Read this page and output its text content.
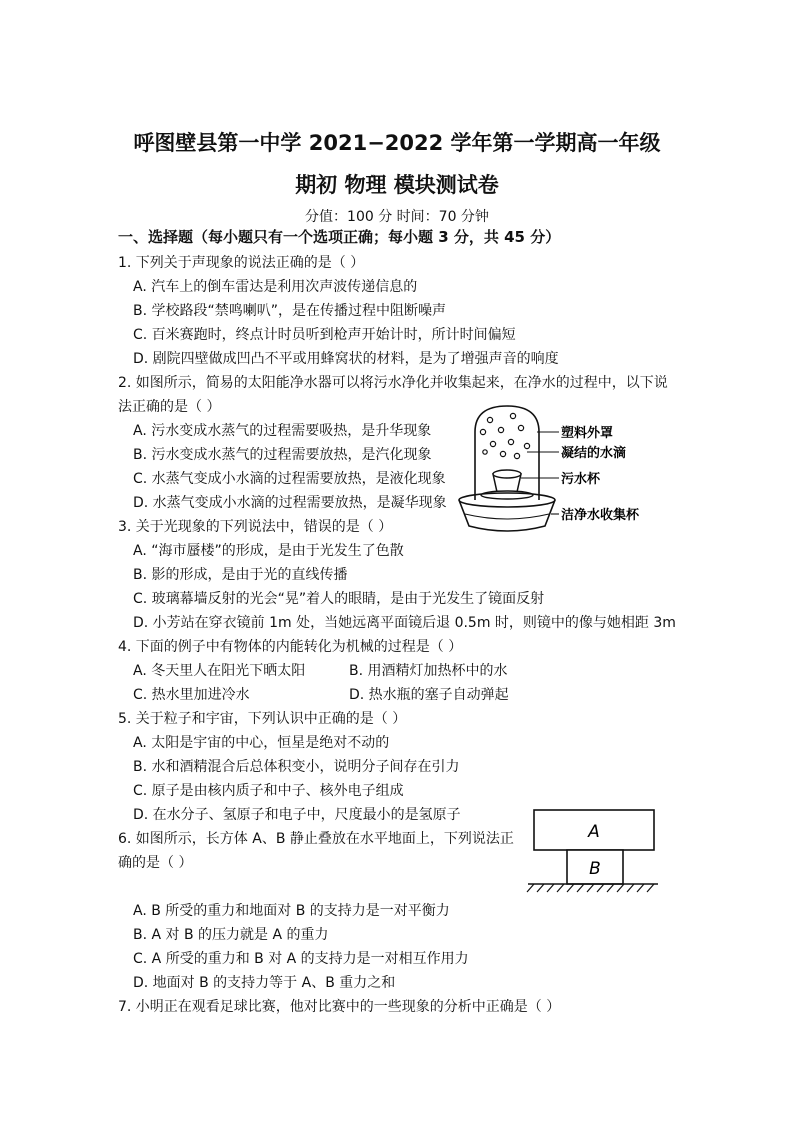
呼图壁县第一中学 2021−2022 学年第一学期高一年级
期初 物理 模块测试卷
分值：100 分 时间：70 分钟
一、选择题（每小题只有一个选项正确；每小题 3 分，共 45 分）
1. 下列关于声现象的说法正确的是（ ）
A. 汽车上的倒车雷达是利用次声波传递信息的
B. 学校路段“禁鸣喇叭”，是在传播过程中阻断噪声
C. 百米赛跑时，终点计时员听到枪声开始计时，所计时间偏短
D. 剧院四壁做成凹凸不平或用蜂窝状的材料，是为了增强声音的响度
2. 如图所示，简易的太阳能净水器可以将污水净化并收集起来，在净水的过程中，以下说
法正确的是（ ）
A. 污水变成水蒸气的过程需要吸热，是升华现象
B. 污水变成水蒸气的过程需要放热，是汽化现象
C. 水蒸气变成小水滴的过程需要放热，是液化现象
D. 水蒸气变成小水滴的过程需要放热，是凝华现象
塑料外罩
凝结的水滴
污水杯
洁净水收集杯
3. 关于光现象的下列说法中，错误的是（ ）
A. “海市蜃楼”的形成，是由于光发生了色散
B. 影的形成，是由于光的直线传播
C. 玻璃幕墙反射的光会“晃”着人的眼睛，是由于光发生了镜面反射
D. 小芳站在穿衣镜前 1m 处，当她远离平面镜后退 0.5m 时，则镜中的像与她相距 3m
4. 下面的例子中有物体的内能转化为机械的过程是（ ）
A. 冬天里人在阳光下晒太阳	B. 用酒精灯加热杯中的水
C. 热水里加进冷水	D. 热水瓶的塞子自动弹起
5. 关于粒子和宇宙，下列认识中正确的是（ ）
A. 太阳是宇宙的中心，恒星是绝对不动的
B. 水和酒精混合后总体积变小，说明分子间存在引力
C. 原子是由核内质子和中子、核外电子组成
D. 在水分子、氢原子和电子中，尺度最小的是氢原子
6. 如图所示，长方体 A、B 静止叠放在水平地面上，下列说法正
确的是（ ）
A
B
A. B 所受的重力和地面对 B 的支持力是一对平衡力
B. A 对 B 的压力就是 A 的重力
C. A 所受的重力和 B 对 A 的支持力是一对相互作用力
D. 地面对 B 的支持力等于 A、B 重力之和
7. 小明正在观看足球比赛，他对比赛中的一些现象的分析中正确是（ ）
